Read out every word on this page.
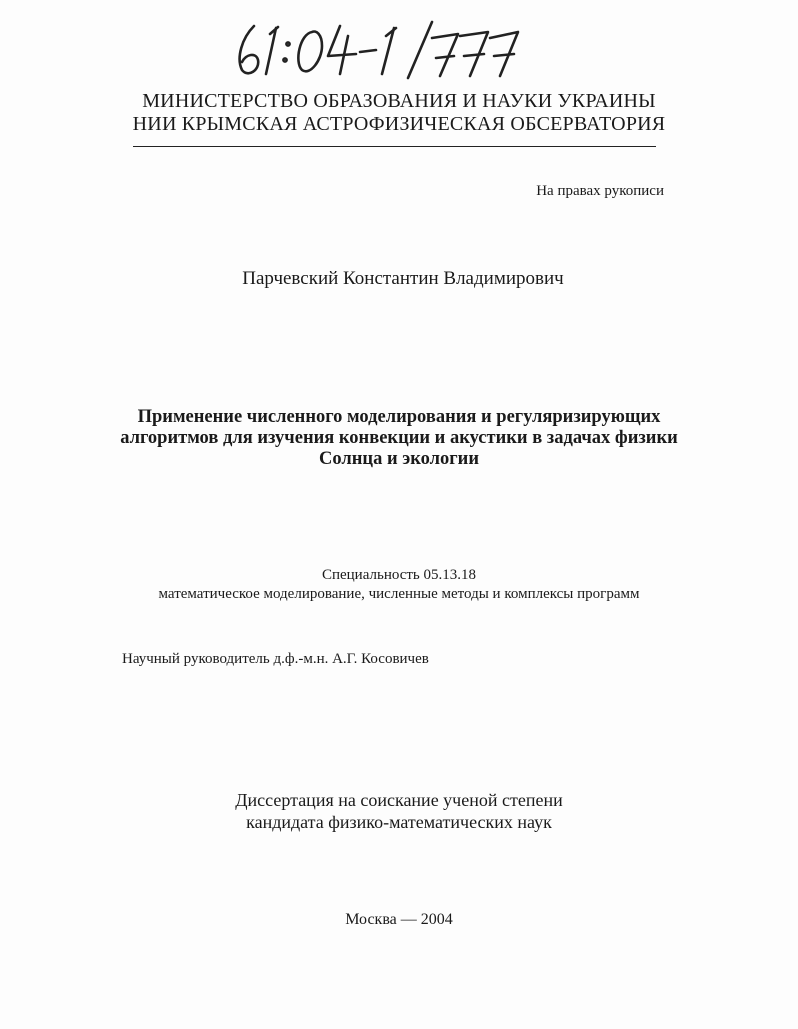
МИНИСТЕРСТВО ОБРАЗОВАНИЯ И НАУКИ УКРАИНЫ
НИИ КРЫМСКАЯ АСТРОФИЗИЧЕСКАЯ ОБСЕРВАТОРИЯ
На правах рукописи
Парчевский Константин Владимирович
Применение численного моделирования и регуляризирующих
алгоритмов для изучения конвекции и акустики в задачах физики
Солнца и экологии
Специальность 05.13.18
математическое моделирование, численные методы и комплексы программ
Научный руководитель д.ф.-м.н. А.Г. Косовичев
Диссертация на соискание ученой степени
кандидата физико-математических наук
Москва — 2004
